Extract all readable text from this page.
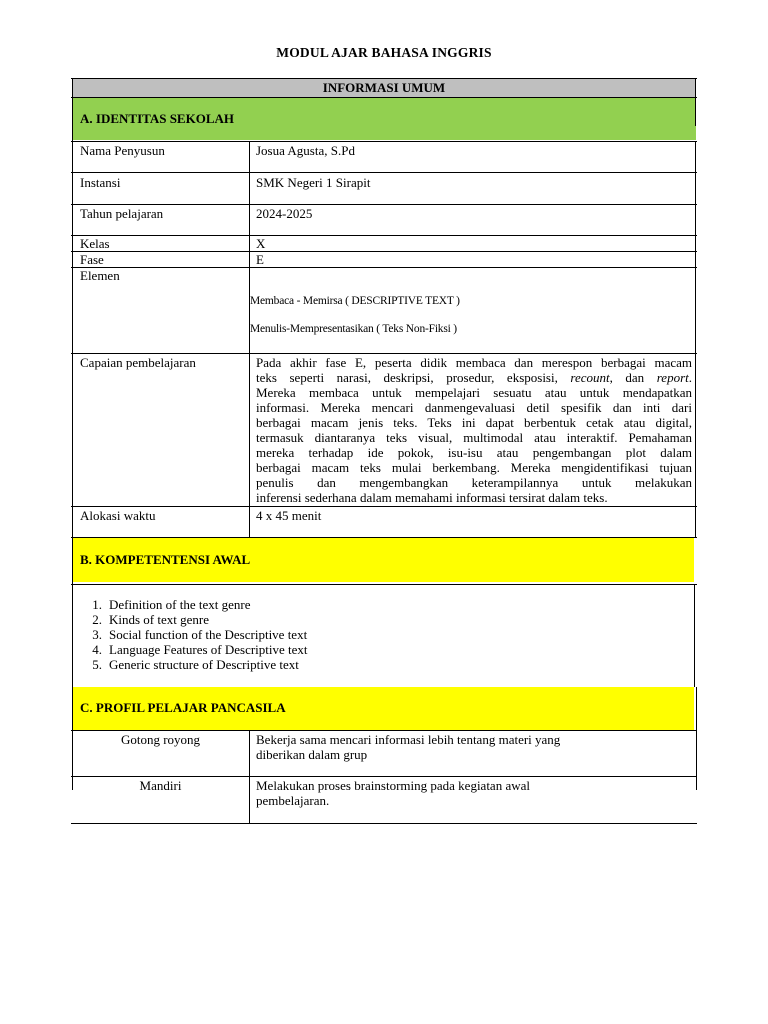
MODUL AJAR BAHASA INGGRIS
INFORMASI UMUM
A. IDENTITAS SEKOLAH
B. KOMPETENTENSI AWAL
C. PROFIL PELAJAR PANCASILA
Nama Penyusun	Josua Agusta, S.Pd
Instansi	SMK Negeri 1 Sirapit
Tahun pelajaran	2024-2025
Kelas	X
Fase	E
Elemen
Membaca - Memirsa ( DESCRIPTIVE TEXT )
Menulis-Mempresentasikan ( Teks Non-Fiksi )
Capaian pembelajaran	Pada akhir fase E, peserta didik membaca dan merespon berbagai macam
teks seperti narasi, deskripsi, prosedur, eksposisi, recount, dan report.
Mereka membaca untuk mempelajari sesuatu atau untuk mendapatkan
informasi. Mereka mencari danmengevaluasi detil spesifik dan inti dari
berbagai macam jenis teks. Teks ini dapat berbentuk cetak atau digital,
termasuk diantaranya teks visual, multimodal atau interaktif. Pemahaman
mereka terhadap ide pokok, isu-isu atau pengembangan plot dalam
berbagai macam teks mulai berkembang. Mereka mengidentifikasi tujuan
penulis dan mengembangkan keterampilannya untuk melakukan
inferensi sederhana dalam memahami informasi tersirat dalam teks.
Alokasi waktu	4 x 45 menit
1. Definition of the text genre
2. Kinds of text genre
3. Social function of the Descriptive text
4. Language Features of Descriptive text
5. Generic structure of Descriptive text
Gotong royong	Bekerja sama mencari informasi lebih tentang materi yang
diberikan dalam grup
Mandiri	Melakukan proses brainstorming pada kegiatan awal
pembelajaran.
